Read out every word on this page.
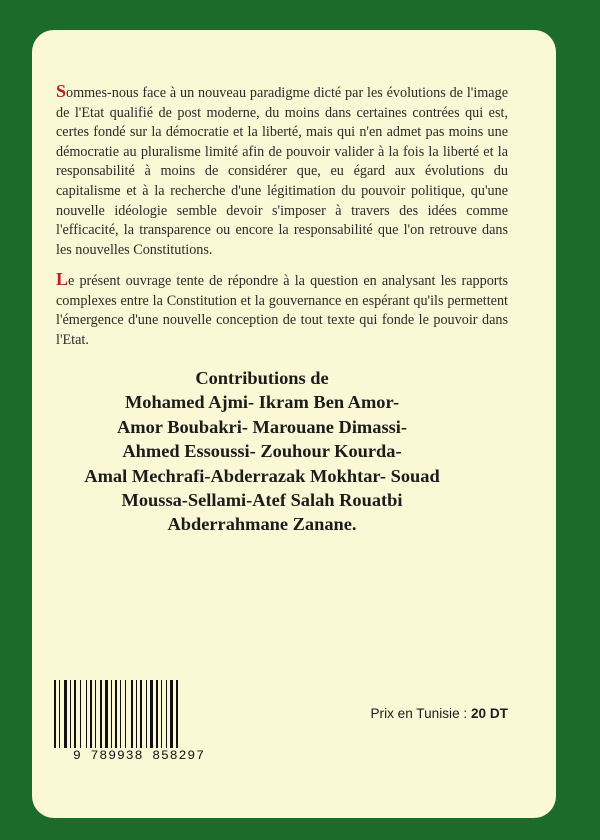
Sommes-nous face à un nouveau paradigme dicté par les évolutions de l'image de l'Etat qualifié de post moderne, du moins dans certaines contrées qui est, certes fondé sur la démocratie et la liberté, mais qui n'en admet pas moins une démocratie au pluralisme limité afin de pouvoir valider à la fois la liberté et la responsabilité à moins de considérer que, eu égard aux évolutions du capitalisme et à la recherche d'une légitimation du pouvoir politique, qu'une nouvelle idéologie semble devoir s'imposer à travers des idées comme l'efficacité, la transparence ou encore la responsabilité que l'on retrouve dans les nouvelles Constitutions.
Le présent ouvrage tente de répondre à la question en analysant les rapports complexes entre la Constitution et la gouvernance en espérant qu'ils permettent l'émergence d'une nouvelle conception de tout texte qui fonde le pouvoir dans l'Etat.
Contributions de
Mohamed Ajmi- Ikram Ben Amor-
Amor Boubakri- Marouane Dimassi-
Ahmed Essoussi- Zouhour Kourda-
Amal Mechrafi-Abderrazak Mokhtar- Souad
Moussa-Sellami-Atef Salah Rouatbi
Abderrahmane Zanane.
9 789938 858297
Prix en Tunisie : 20 DT
